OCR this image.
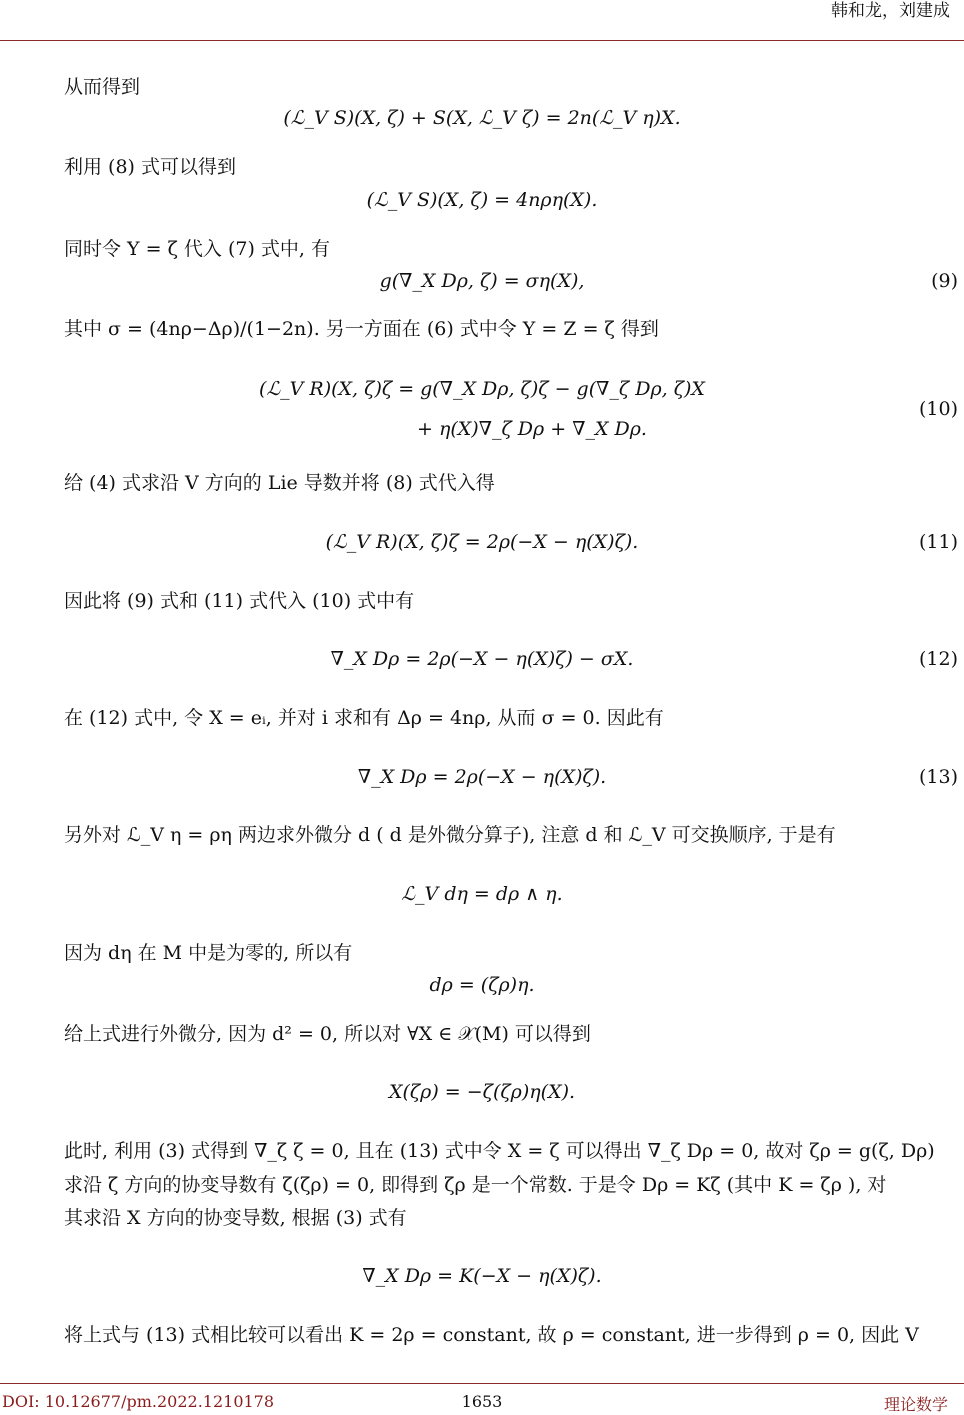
韩和龙，刘建成
从而得到
(ℒ_V S)(X, ζ) + S(X, ℒ_V ζ) = 2n(ℒ_V η)X.
利用 (8) 式可以得到
(ℒ_V S)(X, ζ) = 4nρη(X).
同时令 Y = ζ 代入 (7) 式中, 有
g(∇_X Dρ, ζ) = ση(X),	(9)
其中 σ = (4nρ−Δρ)/(1−2n). 另一方面在 (6) 式中令 Y = Z = ζ 得到
(ℒ_V R)(X, ζ)ζ = g(∇_X Dρ, ζ)ζ − g(∇_ζ Dρ, ζ)X
+ η(X)∇_ζ Dρ + ∇_X Dρ.
(10)
给 (4) 式求沿 V 方向的 Lie 导数并将 (8) 式代入得
(ℒ_V R)(X, ζ)ζ = 2ρ(−X − η(X)ζ).	(11)
因此将 (9) 式和 (11) 式代入 (10) 式中有
∇_X Dρ = 2ρ(−X − η(X)ζ) − σX.	(12)
在 (12) 式中, 令 X = eᵢ, 并对 i 求和有 Δρ = 4nρ, 从而 σ = 0. 因此有
∇_X Dρ = 2ρ(−X − η(X)ζ).	(13)
另外对 ℒ_V η = ρη 两边求外微分 d ( d 是外微分算子), 注意 d 和 ℒ_V 可交换顺序, 于是有
ℒ_V dη = dρ ∧ η.
因为 dη 在 M 中是为零的, 所以有
dρ = (ζρ)η.
给上式进行外微分, 因为 d² = 0, 所以对 ∀X ∈ 𝒳(M) 可以得到
X(ζρ) = −ζ(ζρ)η(X).
此时, 利用 (3) 式得到 ∇_ζ ζ = 0, 且在 (13) 式中令 X = ζ 可以得出 ∇_ζ Dρ = 0, 故对 ζρ = g(ζ, Dρ)
求沿 ζ 方向的协变导数有 ζ(ζρ) = 0, 即得到 ζρ 是一个常数. 于是令 Dρ = Kζ (其中 K = ζρ ), 对
其求沿 X 方向的协变导数, 根据 (3) 式有
∇_X Dρ = K(−X − η(X)ζ).
将上式与 (13) 式相比较可以看出 K = 2ρ = constant, 故 ρ = constant, 进一步得到 ρ = 0, 因此 V
DOI: 10.12677/pm.2022.1210178	1653	理论数学
